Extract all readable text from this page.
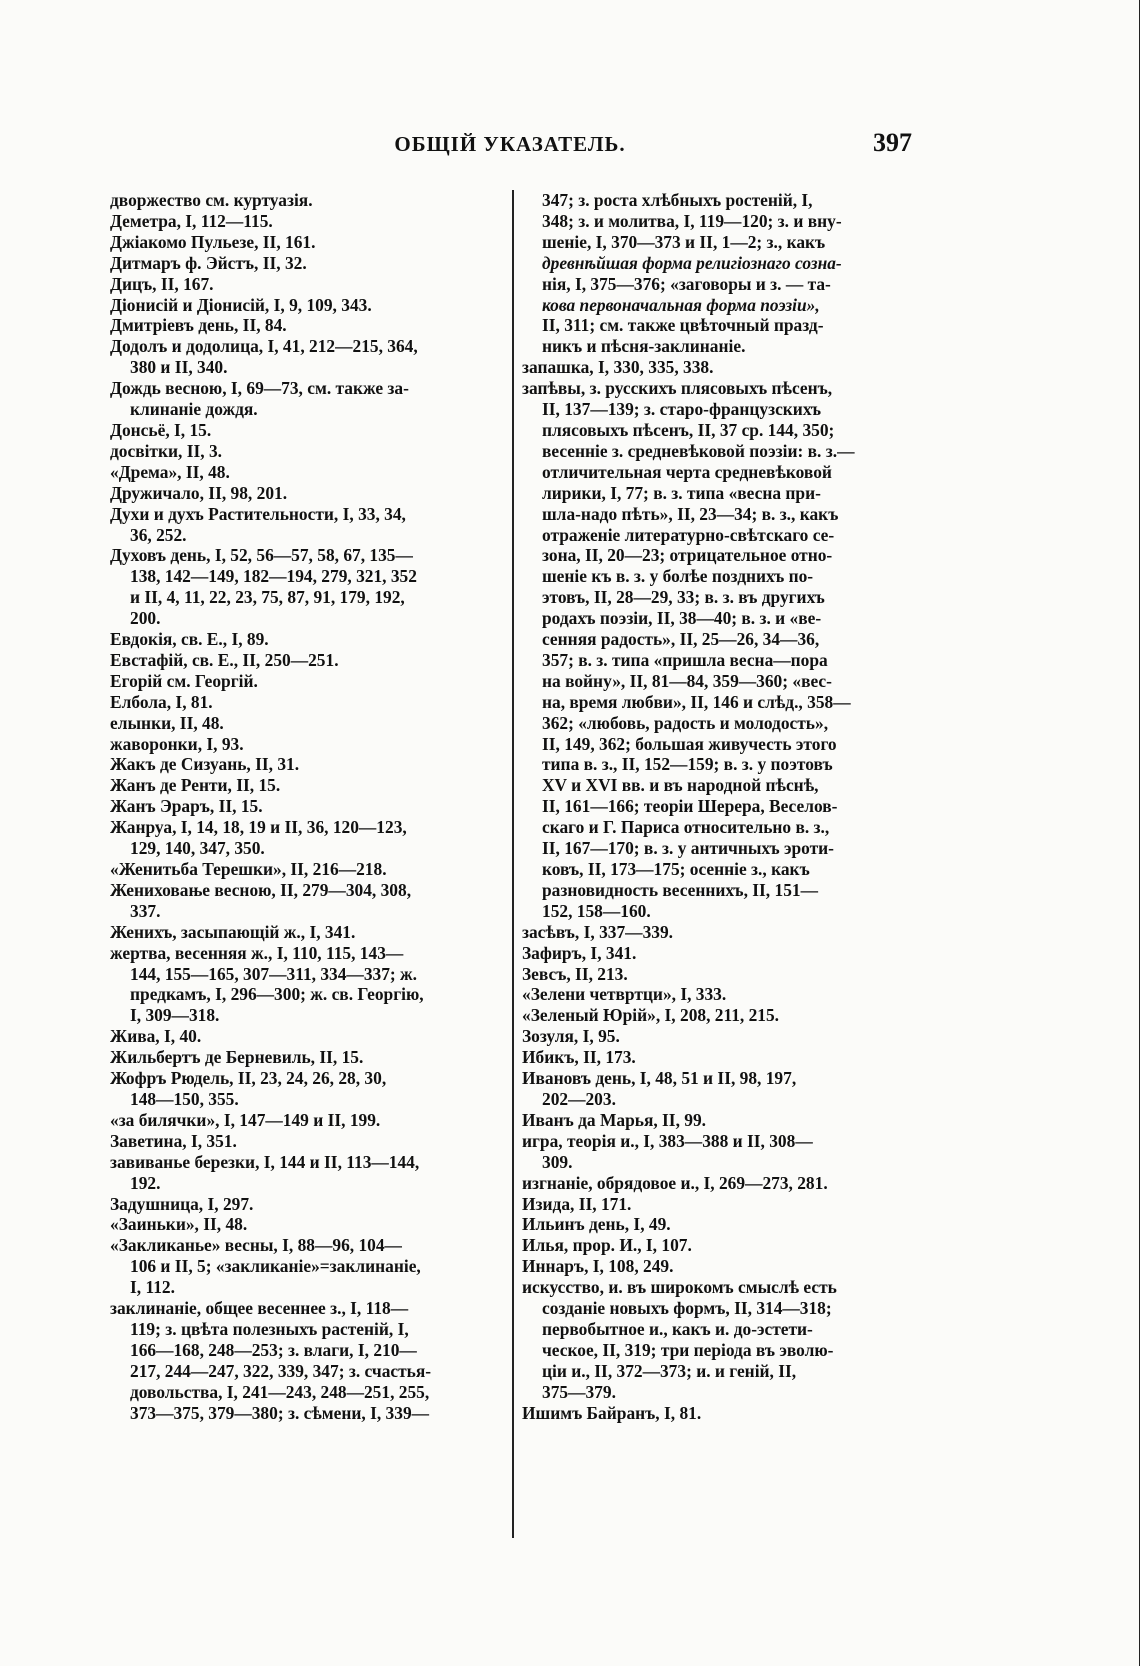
ОБЩІЙ УКАЗАТЕЛЬ.	397
дворжество см. куртуазія.
Деметра, I, 112—115.
Джіакомо Пульезе, II, 161.
Дитмаръ ф. Эйстъ, II, 32.
Дицъ, II, 167.
Діонисій и Діонисій, I, 9, 109, 343.
Дмитріевъ день, II, 84.
Додолъ и додолица, I, 41, 212—215, 364,
380 и II, 340.
Дождь весною, I, 69—73, см. также за-
клинаніе дождя.
Донсьё, I, 15.
досвітки, II, 3.
«Дрема», II, 48.
Дружичало, II, 98, 201.
Духи и духъ Растительности, I, 33, 34,
36, 252.
Духовъ день, I, 52, 56—57, 58, 67, 135—
138, 142—149, 182—194, 279, 321, 352
и II, 4, 11, 22, 23, 75, 87, 91, 179, 192,
200.
Евдокія, св. Е., I, 89.
Евстафій, св. Е., II, 250—251.
Егорій см. Георгій.
Елбола, I, 81.
елынки, II, 48.
жаворонки, I, 93.
Жакъ де Сизуань, II, 31.
Жанъ де Ренти, II, 15.
Жанъ Эраръ, II, 15.
Жанруа, I, 14, 18, 19 и II, 36, 120—123,
129, 140, 347, 350.
«Женитьба Терешки», II, 216—218.
Жениховање весною, II, 279—304, 308,
337.
Женихъ, засыпающій ж., I, 341.
жертва, весенняя ж., I, 110, 115, 143—
144, 155—165, 307—311, 334—337; ж.
предкамъ, I, 296—300; ж. св. Георгію,
I, 309—318.
Жива, I, 40.
Жильбертъ де Берневиль, II, 15.
Жофръ Рюдель, II, 23, 24, 26, 28, 30,
148—150, 355.
«за билячки», I, 147—149 и II, 199.
Заветина, I, 351.
завиванье березки, I, 144 и II, 113—144,
192.
Задушница, I, 297.
«Заиньки», II, 48.
«Закликанье» весны, I, 88—96, 104—
106 и II, 5; «закликаніе»=заклинаніе,
I, 112.
заклинаніе, общее весеннее з., I, 118—
119; з. цвѣта полезныхъ растеній, I,
166—168, 248—253; з. влаги, I, 210—
217, 244—247, 322, 339, 347; з. счастья-
довольства, I, 241—243, 248—251, 255,
373—375, 379—380; з. сѣмени, I, 339—
347; з. роста хлѣбныхъ ростеній, I,
348; з. и молитва, I, 119—120; з. и вну-
шеніе, I, 370—373 и II, 1—2; з., какъ
древнѣйшая форма религіознаго созна-
нія, I, 375—376; «заговоры и з. — та-
кова первоначальная форма поэзіи»,
II, 311; см. также цвѣточный празд-
никъ и пѣсня-заклинаніе.
запашка, I, 330, 335, 338.
запѣвы, з. русскихъ плясовыхъ пѣсенъ,
II, 137—139; з. старо-французскихъ
плясовыхъ пѣсенъ, II, 37 ср. 144, 350;
весенніе з. средневѣковой поэзіи: в. з.—
отличительная черта средневѣковой
лирики, I, 77; в. з. типа «весна при-
шла-надо пѣть», II, 23—34; в. з., какъ
отраженіе литературно-свѣтскаго се-
зона, II, 20—23; отрицательное отно-
шеніе къ в. з. у болѣе позднихъ по-
этовъ, II, 28—29, 33; в. з. въ другихъ
родахъ поэзіи, II, 38—40; в. з. и «ве-
сенняя радость», II, 25—26, 34—36,
357; в. з. типа «пришла весна—пора
на войну», II, 81—84, 359—360; «вес-
на, время любви», II, 146 и слѣд., 358—
362; «любовь, радость и молодость»,
II, 149, 362; большая живучесть этого
типа в. з., II, 152—159; в. з. у поэтовъ
XV и XVI вв. и въ народной пѣснѣ,
II, 161—166; теоріи Шерера, Веселов-
скаго и Г. Париса относительно в. з.,
II, 167—170; в. з. у античныхъ эроти-
ковъ, II, 173—175; осенніе з., какъ
разновидность весеннихъ, II, 151—
152, 158—160.
засѣвъ, I, 337—339.
Зафиръ, I, 341.
Зевсъ, II, 213.
«Зелени четвртци», I, 333.
«Зеленый Юрій», I, 208, 211, 215.
Зозуля, I, 95.
Ибикъ, II, 173.
Ивановъ день, I, 48, 51 и II, 98, 197,
202—203.
Иванъ да Марья, II, 99.
игра, теорія и., I, 383—388 и II, 308—
309.
изгнаніе, обрядовое и., I, 269—273, 281.
Изида, II, 171.
Ильинъ день, I, 49.
Илья, прор. И., I, 107.
Иннаръ, I, 108, 249.
искусство, и. въ широкомъ смыслѣ есть
созданіе новыхъ формъ, II, 314—318;
первобытное и., какъ и. до-эстети-
ческое, II, 319; три періода въ эволю-
ціи и., II, 372—373; и. и геній, II,
375—379.
Ишимъ Байранъ, I, 81.
